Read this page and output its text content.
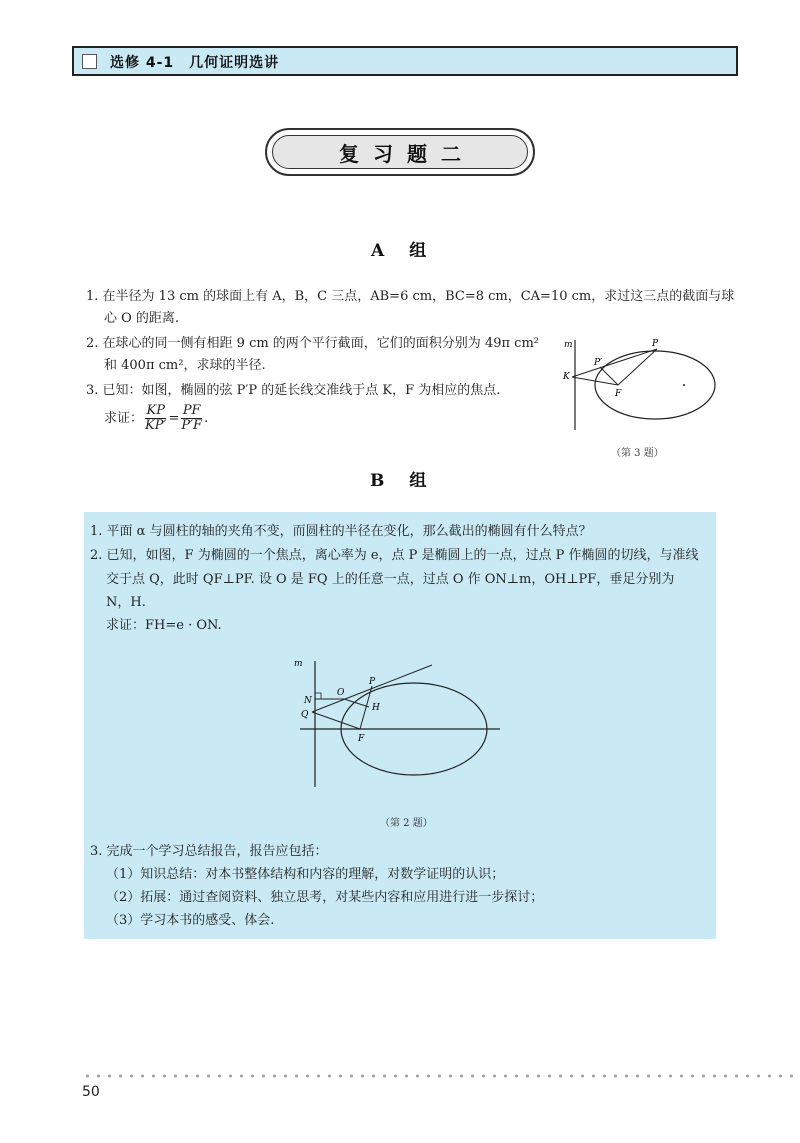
选修 4-1　几何证明选讲
复习题二
A　组
1. 在半径为 13 cm 的球面上有 A，B，C 三点，AB=6 cm，BC=8 cm，CA=10 cm，求过这三点的截面与球
心 O 的距离.
2. 在球心的同一侧有相距 9 cm 的两个平行截面，它们的面积分别为 49π cm²
和 400π cm²，求球的半径.
3. 已知：如图，椭圆的弦 P′P 的延长线交准线于点 K，F 为相应的焦点.
求证： $\frac{KP}{KP'} = \frac{PF}{P'F}$ .
m
K
P′
P
F
（第 3 题）
B　组
1. 平面 α 与圆柱的轴的夹角不变，而圆柱的半径在变化，那么截出的椭圆有什么特点？
2. 已知，如图，F 为椭圆的一个焦点，离心率为 e，点 P 是椭圆上的一点，过点 P 作椭圆的切线，与准线
交于点 Q，此时 QF⊥PF. 设 O 是 FQ 上的任意一点，过点 O 作 ON⊥m，OH⊥PF，垂足分别为
N，H.
求证：FH=e · ON.
m
N
Q
O
P
H
F
（第 2 题）
3. 完成一个学习总结报告，报告应包括：
（1）知识总结：对本书整体结构和内容的理解，对数学证明的认识；
（2）拓展：通过查阅资料、独立思考，对某些内容和应用进行进一步探讨；
（3）学习本书的感受、体会.
50
